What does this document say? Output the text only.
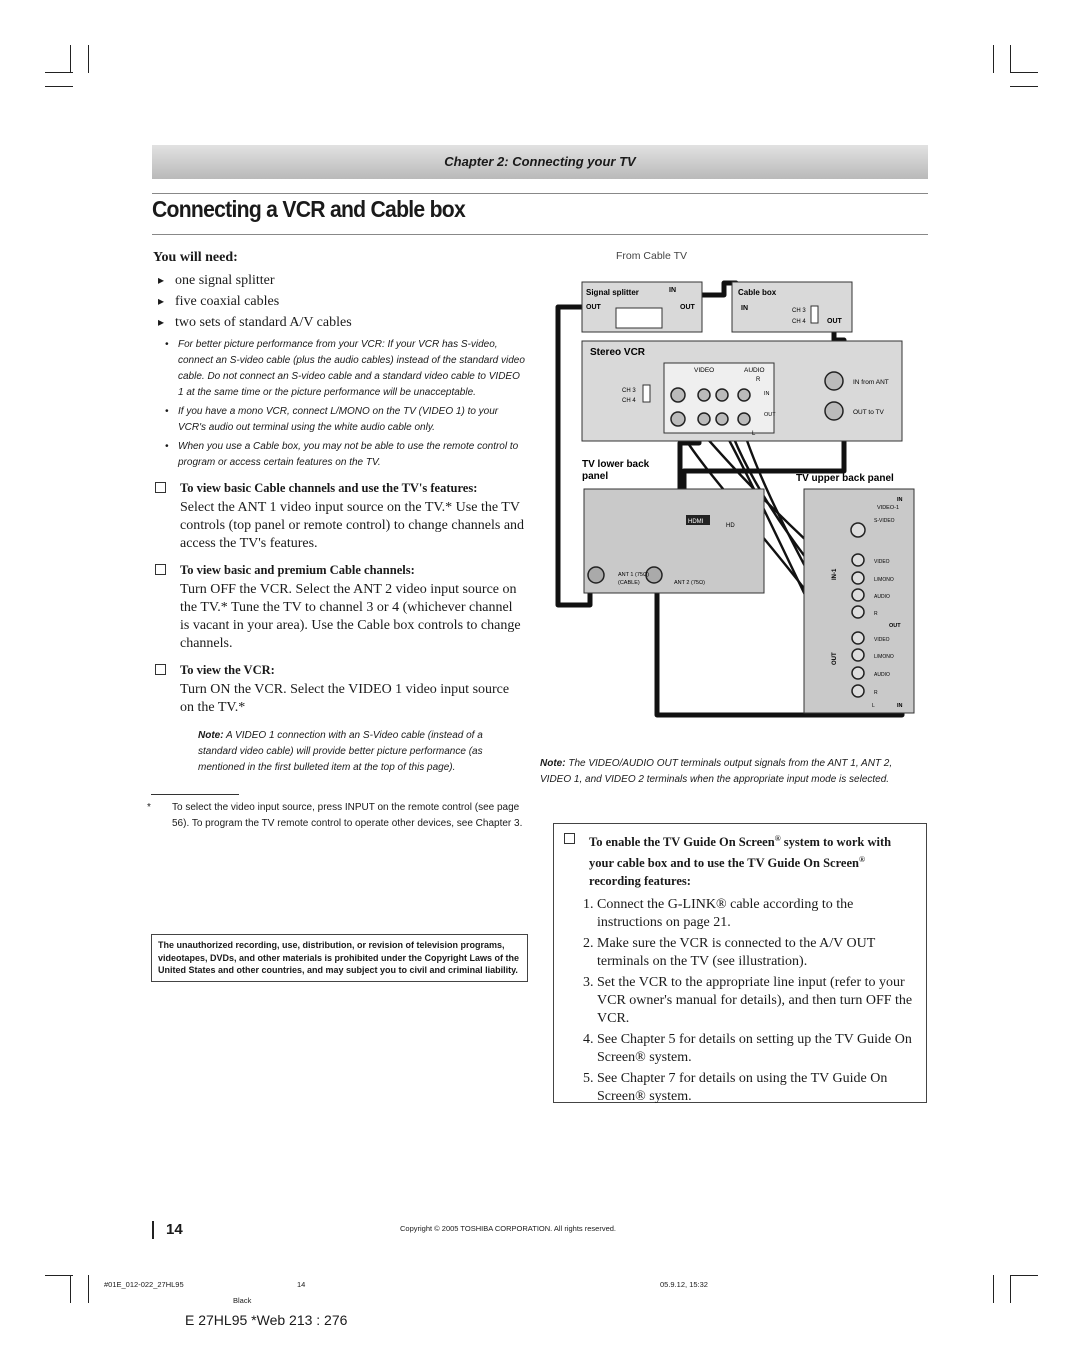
Chapter 2: Connecting your TV
Connecting a VCR and Cable box
You will need:
▸ one signal splitter
▸ five coaxial cables
▸ two sets of standard A/V cables
• For better picture performance from your VCR: If your VCR has S-video, connect an S-video cable (plus the audio cables) instead of the standard video cable. Do not connect an S-video cable and a standard video cable to VIDEO 1 at the same time or the picture performance will be unacceptable.
• If you have a mono VCR, connect L/MONO on the TV (VIDEO 1) to your VCR's audio out terminal using the white audio cable only.
• When you use a Cable box, you may not be able to use the remote control to program or access certain features on the TV.
To view basic Cable channels and use the TV's features:

Select the ANT 1 video input source on the TV.* Use the TV controls (top panel or remote control) to change channels and access the TV's features.

To view basic and premium Cable channels:

Turn OFF the VCR. Select the ANT 2 video input source on the TV.* Tune the TV to channel 3 or 4 (whichever channel is vacant in your area). Use the Cable box controls to change channels.

To view the VCR:

Turn ON the VCR. Select the VIDEO 1 video input source on the TV.*

Note: A VIDEO 1 connection with an S-Video cable (instead of a standard video cable) will provide better picture performance (as mentioned in the first bulleted item at the top of this page).
* To select the video input source, press INPUT on the remote control (see page 56). To program the TV remote control to operate other devices, see Chapter 3.
The unauthorized recording, use, distribution, or revision of television programs, videotapes, DVDs, and other materials is prohibited under the Copyright Laws of the United States and other countries, and may subject you to civil and criminal liability.
From Cable TV
Signal splitter	IN
OUT	OUT
Cable box
IN	CH 3
CH 4	OUT
Stereo VCR
CH 3
CH 4
VIDEO	AUDIO
R
IN
OUT
L
IN from ANT
OUT to TV
TV lower back
panel	TV upper back panel
HDMI
HD
ANT 1 (75Ω)
(CABLE)	ANT 2 (75Ω)
IN
VIDEO-1
S-VIDEO
VIDEO
L/MONO
AUDIO
R
OUT
VIDEO
L/MONO
AUDIO
R
L	IN
IN-1
OUT
Note: The VIDEO/AUDIO OUT terminals output signals from the ANT 1, ANT 2, VIDEO 1, and VIDEO 2 terminals when the appropriate input mode is selected.
To enable the TV Guide On Screen® system to work with your cable box and to use the TV Guide On Screen® recording features:
1. Connect the G-LINK® cable according to the instructions on page 21.
2. Make sure the VCR is connected to the A/V OUT terminals on the TV (see illustration).
3. Set the VCR to the appropriate line input (refer to your VCR owner's manual for details), and then turn OFF the VCR.
4. See Chapter 5 for details on setting up the TV Guide On Screen® system.
5. See Chapter 7 for details on using the TV Guide On Screen® system.
14	Copyright © 2005 TOSHIBA CORPORATION. All rights reserved.
#01E_012-022_27HL95	14	05.9.12, 15:32
Black
E 27HL95 *Web 213 : 276
